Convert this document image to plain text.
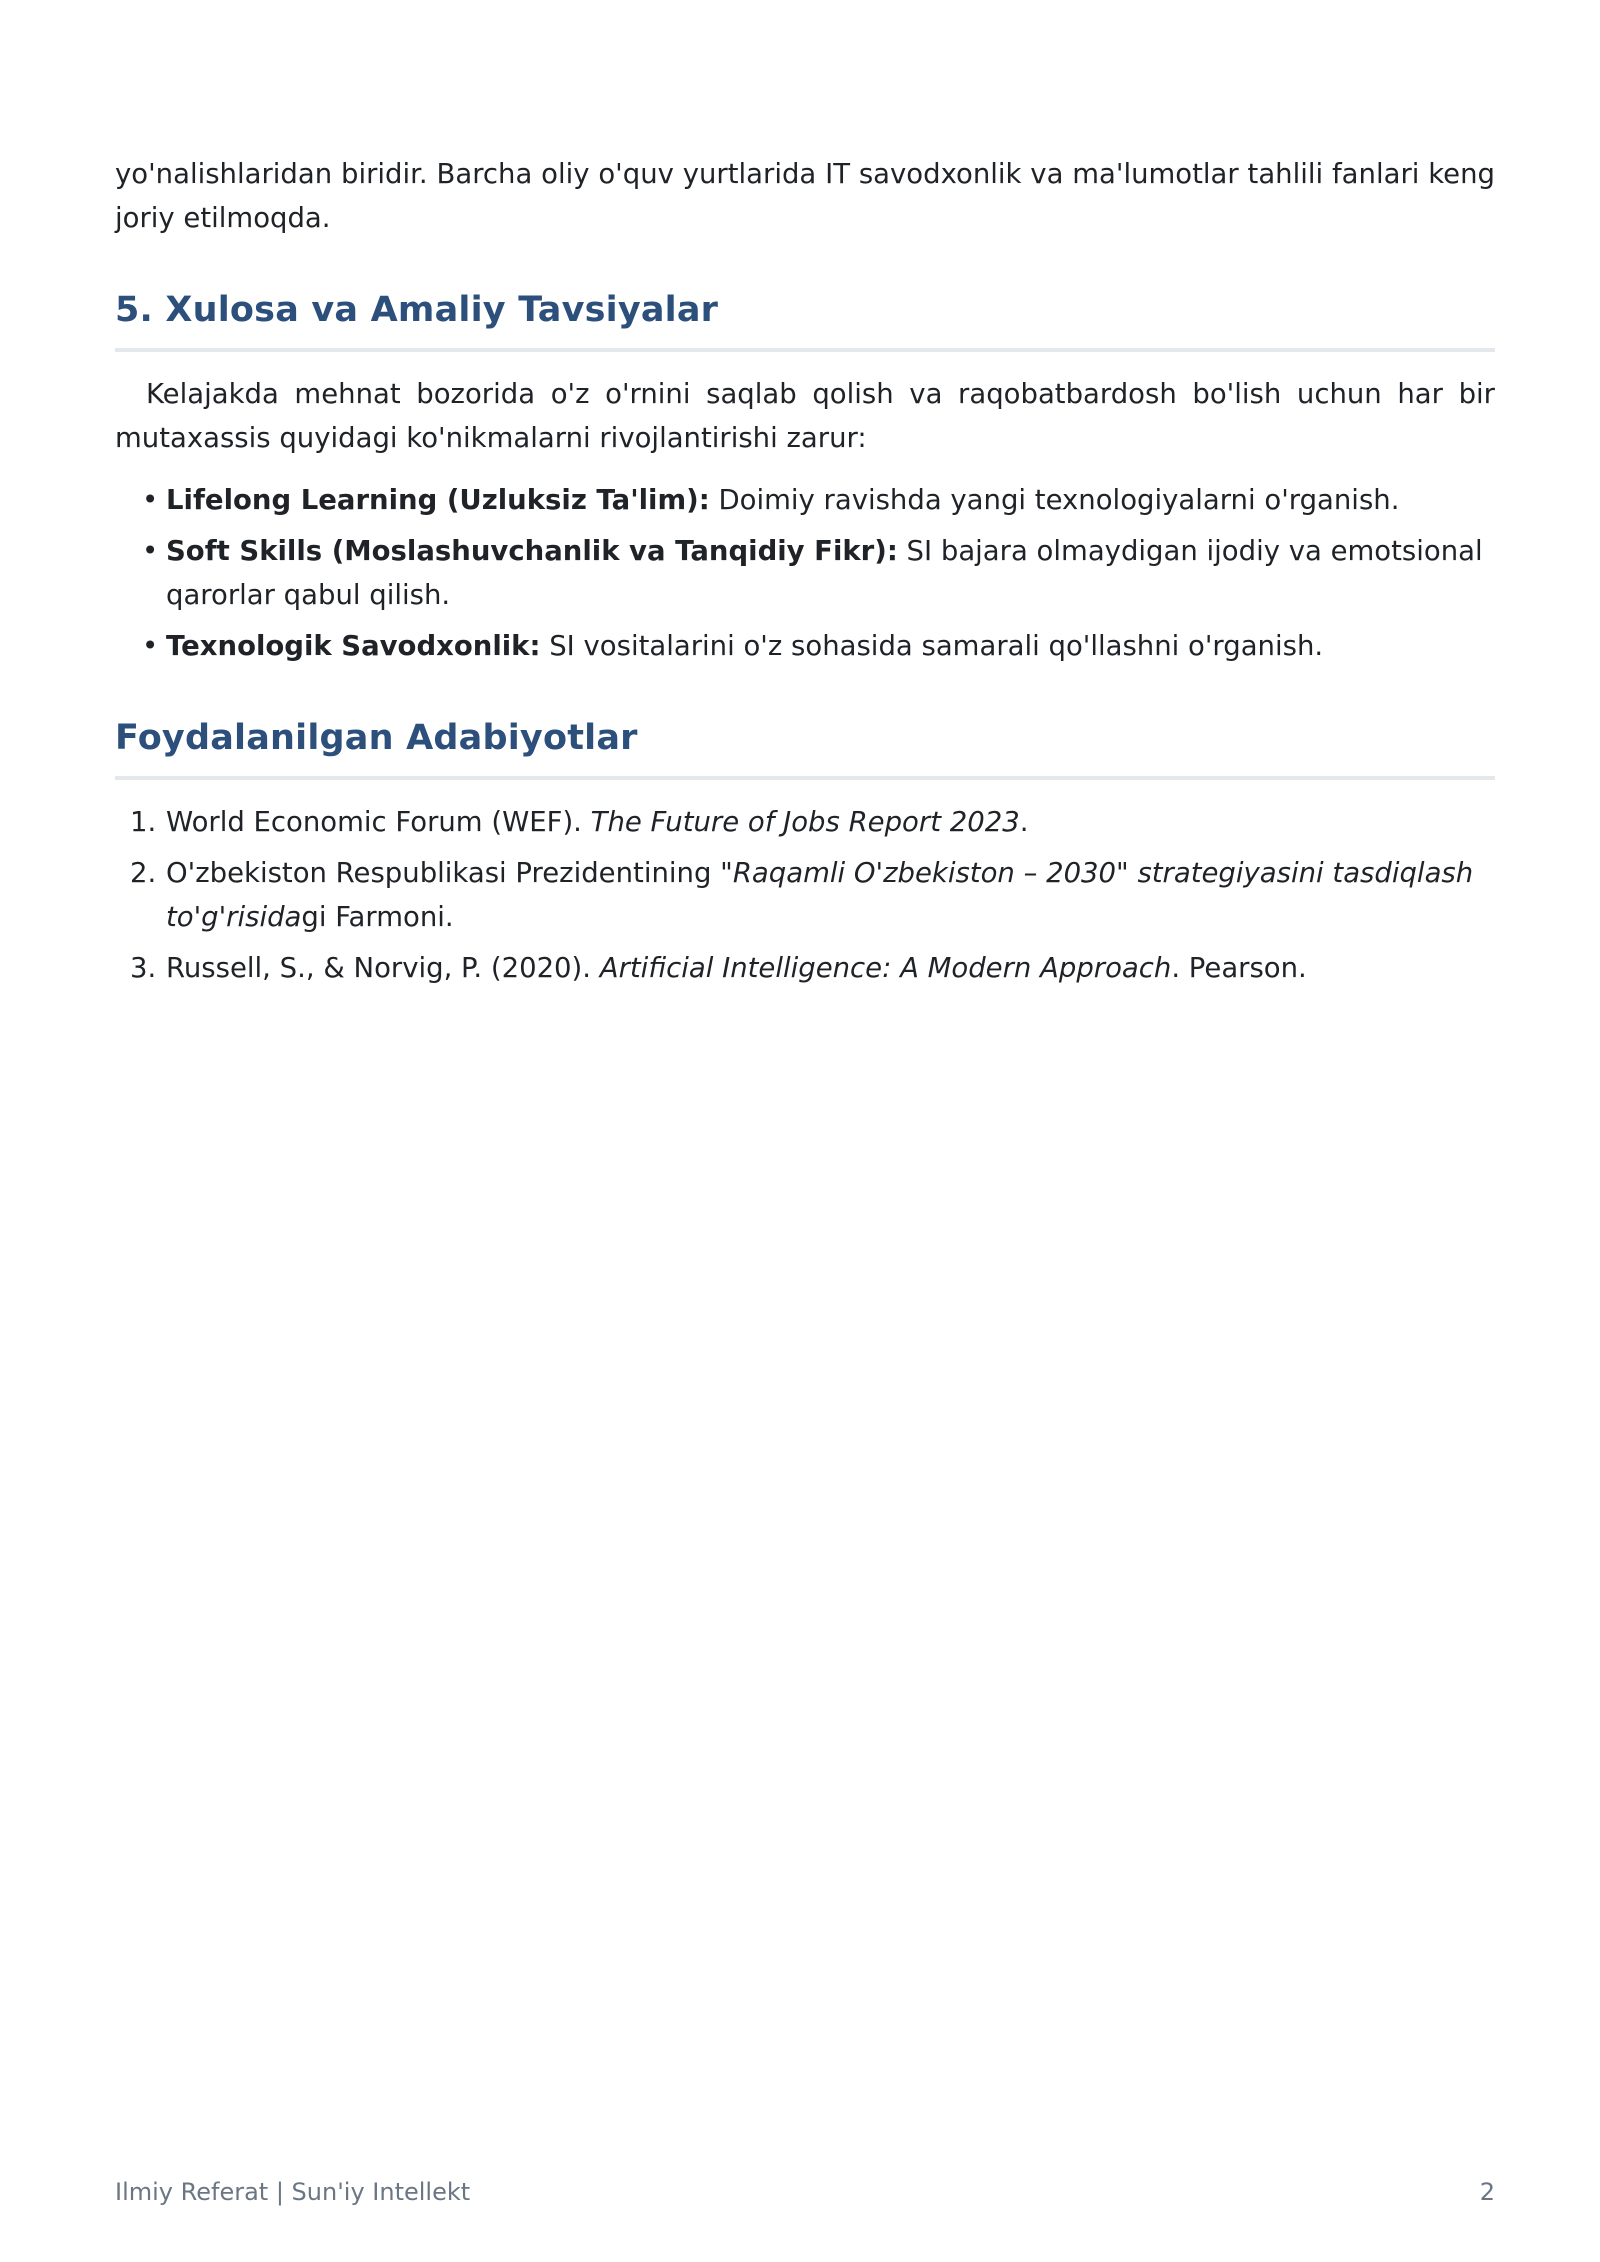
yo'nalishlaridan biridir. Barcha oliy o'quv yurtlarida IT savodxonlik va ma'lumotlar tahlili fanlari keng joriy etilmoqda.

5. Xulosa va Amaliy Tavsiyalar

Kelajakda mehnat bozorida o'z o'rnini saqlab qolish va raqobatbardosh bo'lish uchun har bir mutaxassis quyidagi ko'nikmalarni rivojlantirishi zarur:

• Lifelong Learning (Uzluksiz Ta'lim): Doimiy ravishda yangi texnologiyalarni o'rganish.
• Soft Skills (Moslashuvchanlik va Tanqidiy Fikr): SI bajara olmaydigan ijodiy va emotsional qarorlar qabul qilish.
• Texnologik Savodxonlik: SI vositalarini o'z sohasida samarali qo'llashni o'rganish.
Foydalanilgan Adabiyotlar
1. World Economic Forum (WEF). The Future of Jobs Report 2023.
2. O'zbekiston Respublikasi Prezidentining "Raqamli O'zbekiston – 2030" strategiyasini tasdiqlash to'g'risidagi Farmoni.
3. Russell, S., & Norvig, P. (2020). Artificial Intelligence: A Modern Approach. Pearson.
Ilmiy Referat | Sun'iy Intellekt	2
